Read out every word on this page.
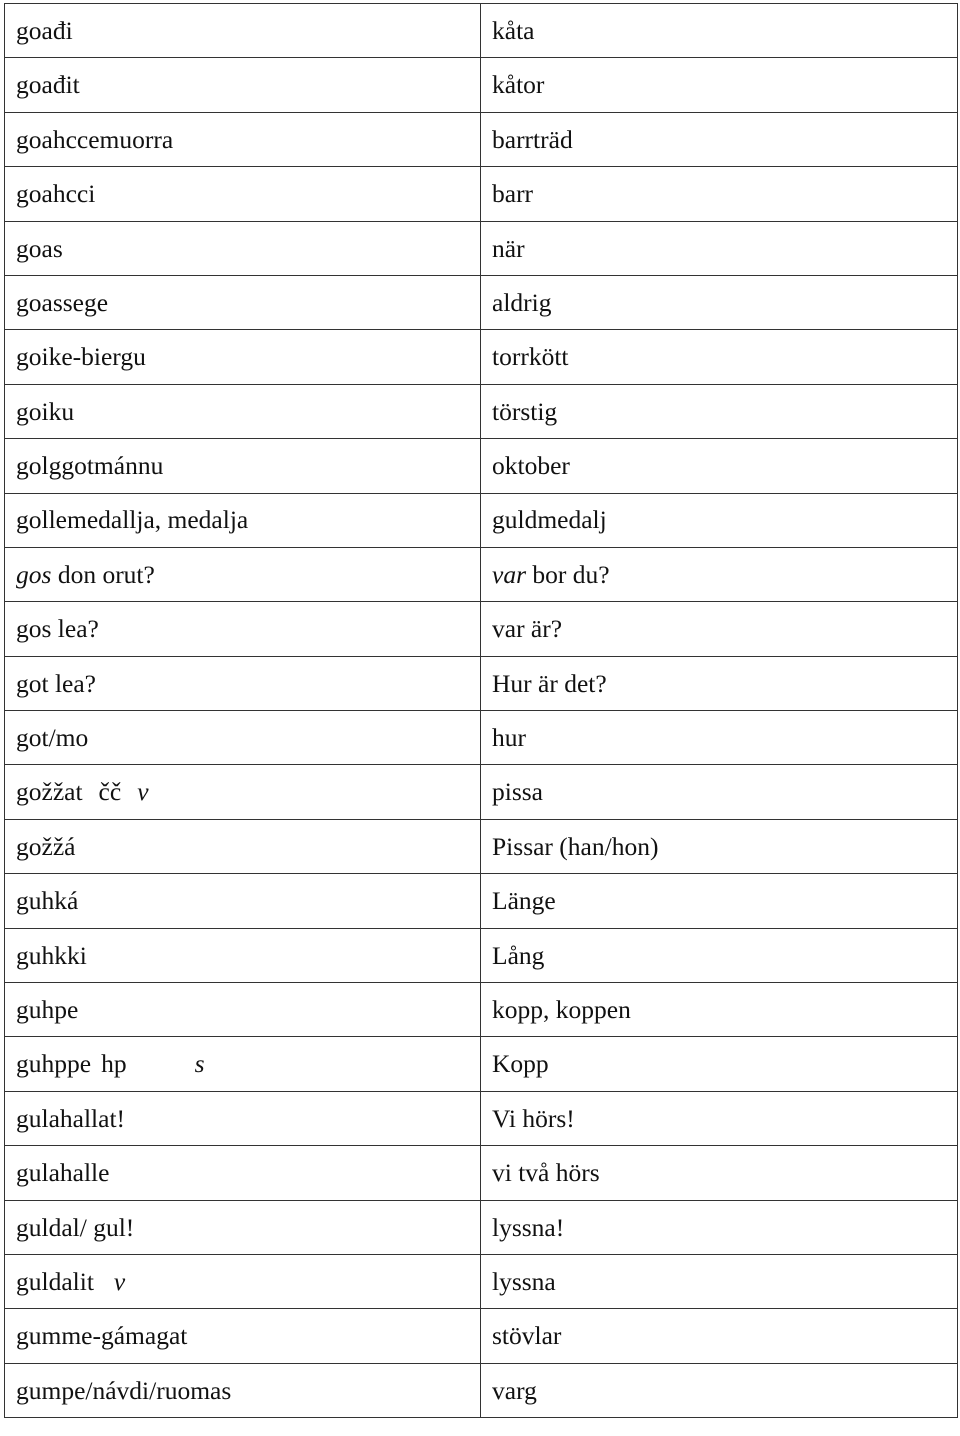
goađi	kåta
goađit	kåtor
goahccemuorra	barrträd
goahcci	barr
goas	när
goassege	aldrig
goike-biergu	torrkött
goiku	törstig
golggotmánnu	oktober
gollemedallja, medalja	guldmedalj
gos don orut?	var bor du?
gos lea?	var är?
got lea?	Hur är det?
got/mo	hur
gožžat čč v	pissa
gožžá	Pissar (han/hon)
guhká	Länge
guhkki	Lång
guhpe	kopp, koppen
guhppe hp s	Kopp
gulahallat!	Vi hörs!
gulahalle	vi två hörs
guldal/ gul!	lyssna!
guldalit v	lyssna
gumme-gámagat	stövlar
gumpe/návdi/ruomas	varg
